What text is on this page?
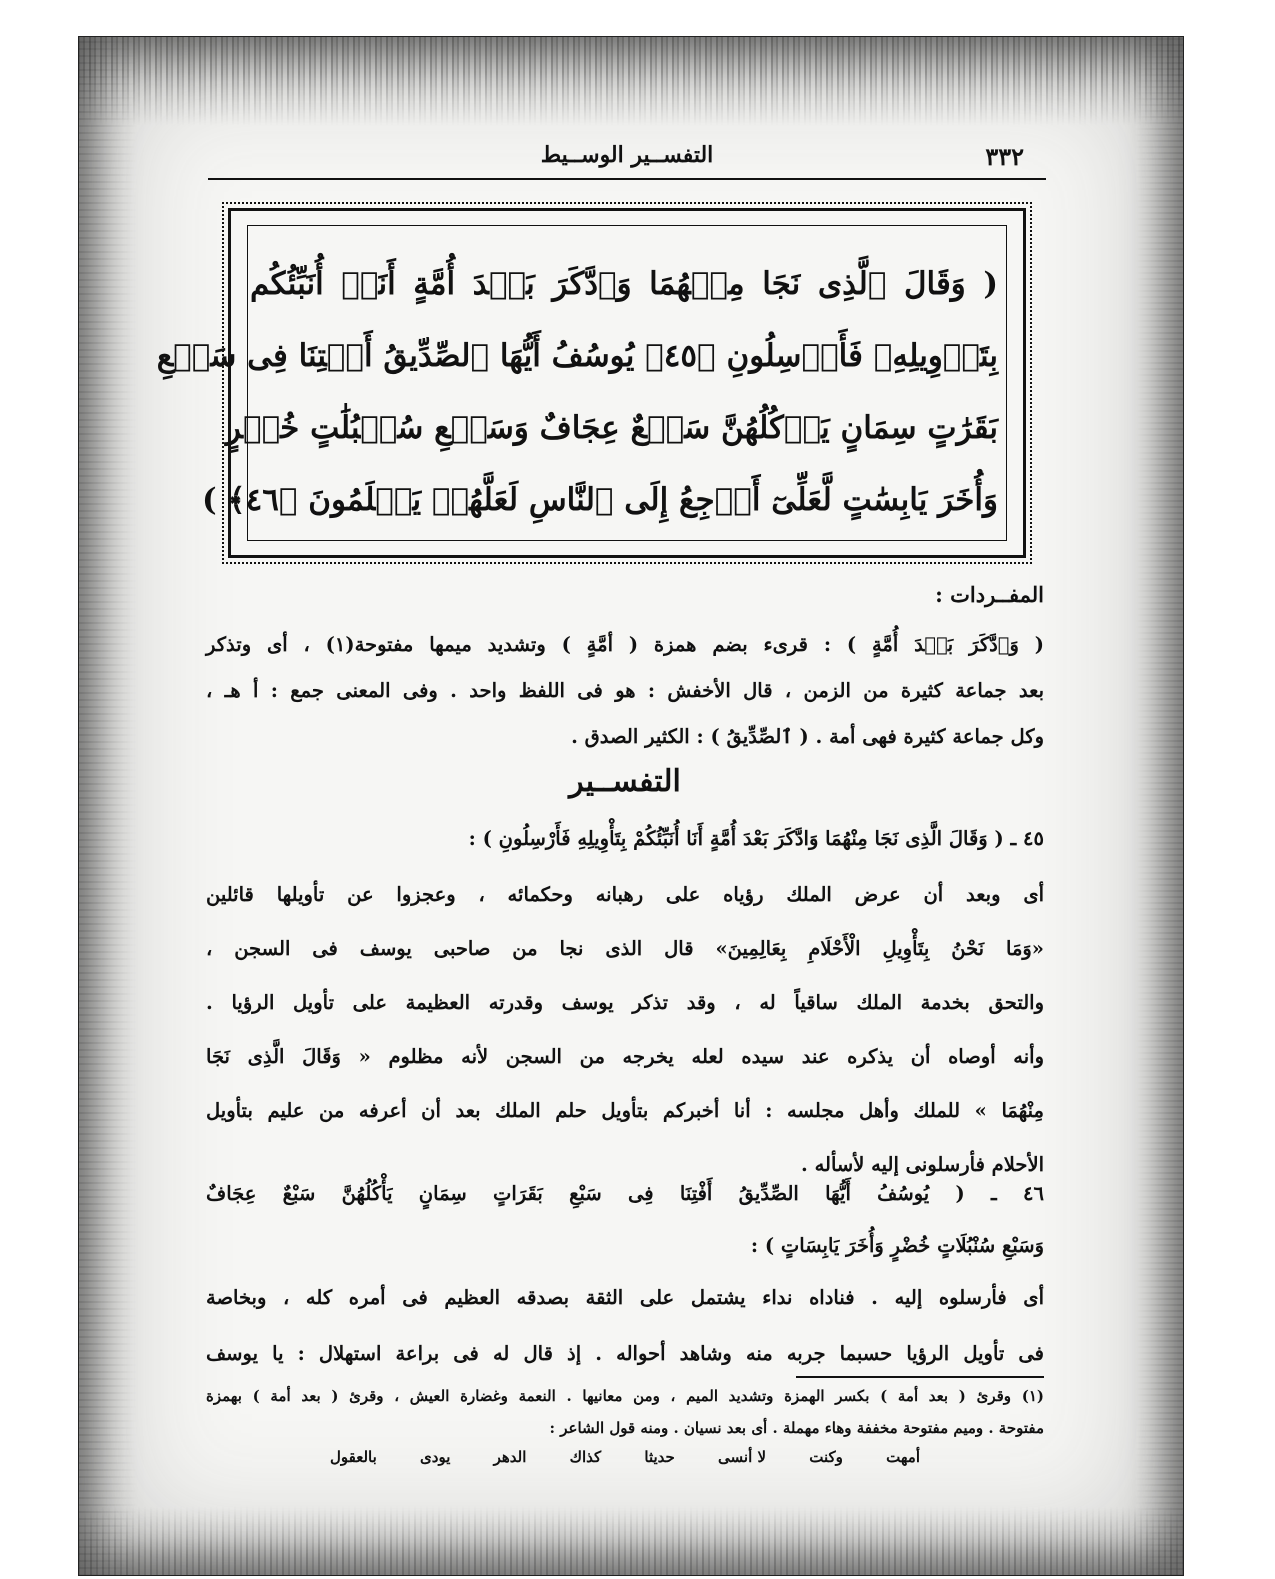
٣٣٢
التفســير الوســيط
( وَقَالَ ٱلَّذِى نَجَا مِنۡهُمَا وَٱدَّكَرَ بَعۡدَ أُمَّةٍ أَنَا۠ أُنَبِّئُكُم
بِتَأۡوِيلِهِۦ فَأَرۡسِلُونِ ﴿٤٥﴾ يُوسُفُ أَيُّهَا ٱلصِّدِّيقُ أَفۡتِنَا فِى سَبۡعِ
بَقَرَٰتٍ سِمَانٍ يَأۡكُلُهُنَّ سَبۡعٌ عِجَافٌ وَسَبۡعِ سُنۢبُلَٰتٍ خُضۡرٍ
وَأُخَرَ يَابِسَٰتٍ لَّعَلِّىٓ أَرۡجِعُ إِلَى ٱلنَّاسِ لَعَلَّهُمۡ يَعۡلَمُونَ ﴿٤٦﴾ )
المفــردات :
( وَٱدَّكَرَ بَعۡدَ أُمَّةٍ ) : قرىء بضم همزة ( أمَّةٍ ) وتشديد ميمها مفتوحة(١) ، أى وتذكر
بعد جماعة كثيرة من الزمن ، قال الأخفش : هو فى اللفظ واحد . وفى المعنى جمع : أ هـ ،
وكل جماعة كثيرة فهى أمة . ( ٱلصِّدِّيقُ ) : الكثير الصدق .
التفســير
٤٥ ـ ( وَقَالَ الَّذِى نَجَا مِنْهُمَا وَادَّكَرَ بَعْدَ أُمَّةٍ أَنَا أُنَبِّئُكُمْ بِتَأْوِيلِهِ فَأَرْسِلُونِ ) :
أى وبعد أن عرض الملك رؤياه على رهبانه وحكمائه ، وعجزوا عن تأويلها قائلين
«وَمَا نَحْنُ بِتَأْوِيلِ الْأَحْلَامِ بِعَالِمِينَ» قال الذى نجا من صاحبى يوسف فى السجن ،
والتحق بخدمة الملك ساقياً له ، وقد تذكر يوسف وقدرته العظيمة على تأويل الرؤيا .
وأنه أوصاه أن يذكره عند سيده لعله يخرجه من السجن لأنه مظلوم « وَقَالَ الَّذِى نَجَا
مِنْهُمَا » للملك وأهل مجلسه : أنا أخبركم بتأويل حلم الملك بعد أن أعرفه من عليم بتأويل
الأحلام فأرسلونى إليه لأسأله .
٤٦ ـ ( يُوسُفُ أَيُّهَا الصِّدِّيقُ أَفْتِنَا فِى سَبْعِ بَقَرَاتٍ سِمَانٍ يَأْكُلُهُنَّ سَبْعٌ عِجَافٌ
وَسَبْعِ سُنْبُلَاتٍ خُضْرٍ وَأُخَرَ يَابِسَاتٍ ) :
أى فأرسلوه إليه . فناداه نداء يشتمل على الثقة بصدقه العظيم فى أمره كله ، وبخاصة
فى تأويل الرؤيا حسبما جربه منه وشاهد أحواله . إذ قال له فى براعة استهلال : يا يوسف
(١) وقرئ ( بعد أمة ) بكسر الهمزة وتشديد الميم ، ومن معانيها . النعمة وغضارة العيش ، وقرئ ( بعد أمة ) بهمزة
مفتوحة . وميم مفتوحة مخففة وهاء مهملة . أى بعد نسيان . ومنه قول الشاعر :
أمهت
وكنت
لا أنسى
حديثا
كذاك
الدهر
يودى
بالعقول
